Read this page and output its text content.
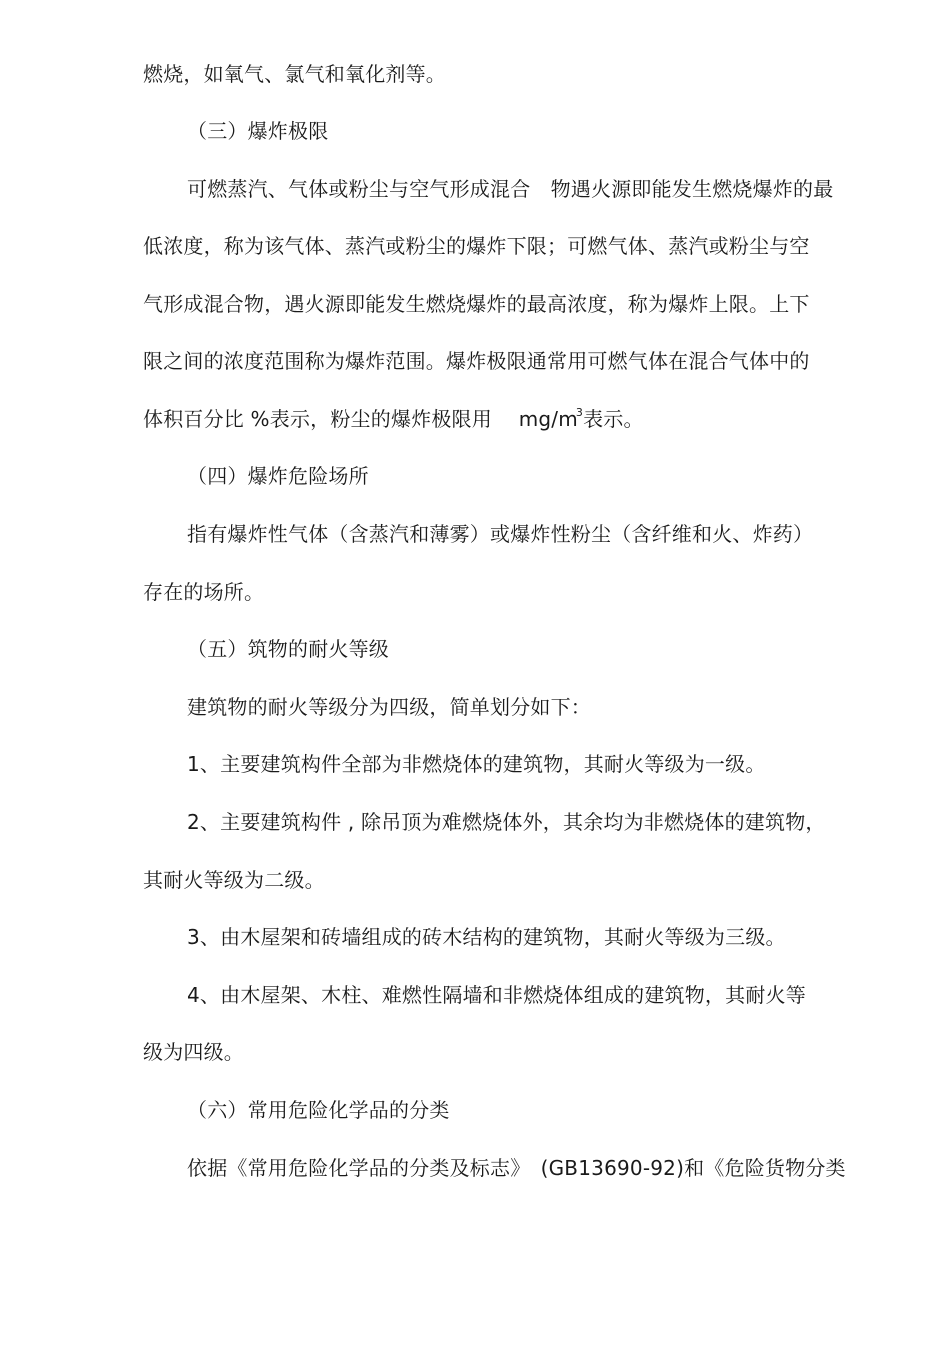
燃烧，如氧气、氯气和氧化剂等。
（三）爆炸极限
可燃蒸汽、气体或粉尘与空气形成混合　物遇火源即能发生燃烧爆炸的最
低浓度，称为该气体、蒸汽或粉尘的爆炸下限；可燃气体、蒸汽或粉尘与空
气形成混合物，遇火源即能发生燃烧爆炸的最高浓度，称为爆炸上限。上下
限之间的浓度范围称为爆炸范围。爆炸极限通常用可燃气体在混合气体中的
体积百分比 %表示，粉尘的爆炸极限用　 $mg/m^3$表示。
（四）爆炸危险场所
指有爆炸性气体（含蒸汽和薄雾）或爆炸性粉尘（含纤维和火、炸药）
存在的场所。
（五）筑物的耐火等级
建筑物的耐火等级分为四级，简单划分如下：
1、主要建筑构件全部为非燃烧体的建筑物，其耐火等级为一级。
2、主要建筑构件 , 除吊顶为难燃烧体外，其余均为非燃烧体的建筑物，
其耐火等级为二级。
3、由木屋架和砖墙组成的砖木结构的建筑物，其耐火等级为三级。
4、由木屋架、木柱、难燃性隔墙和非燃烧体组成的建筑物，其耐火等
级为四级。
（六）常用危险化学品的分类
依据《常用危险化学品的分类及标志》　(GB13690-92)和《危险货物分类
